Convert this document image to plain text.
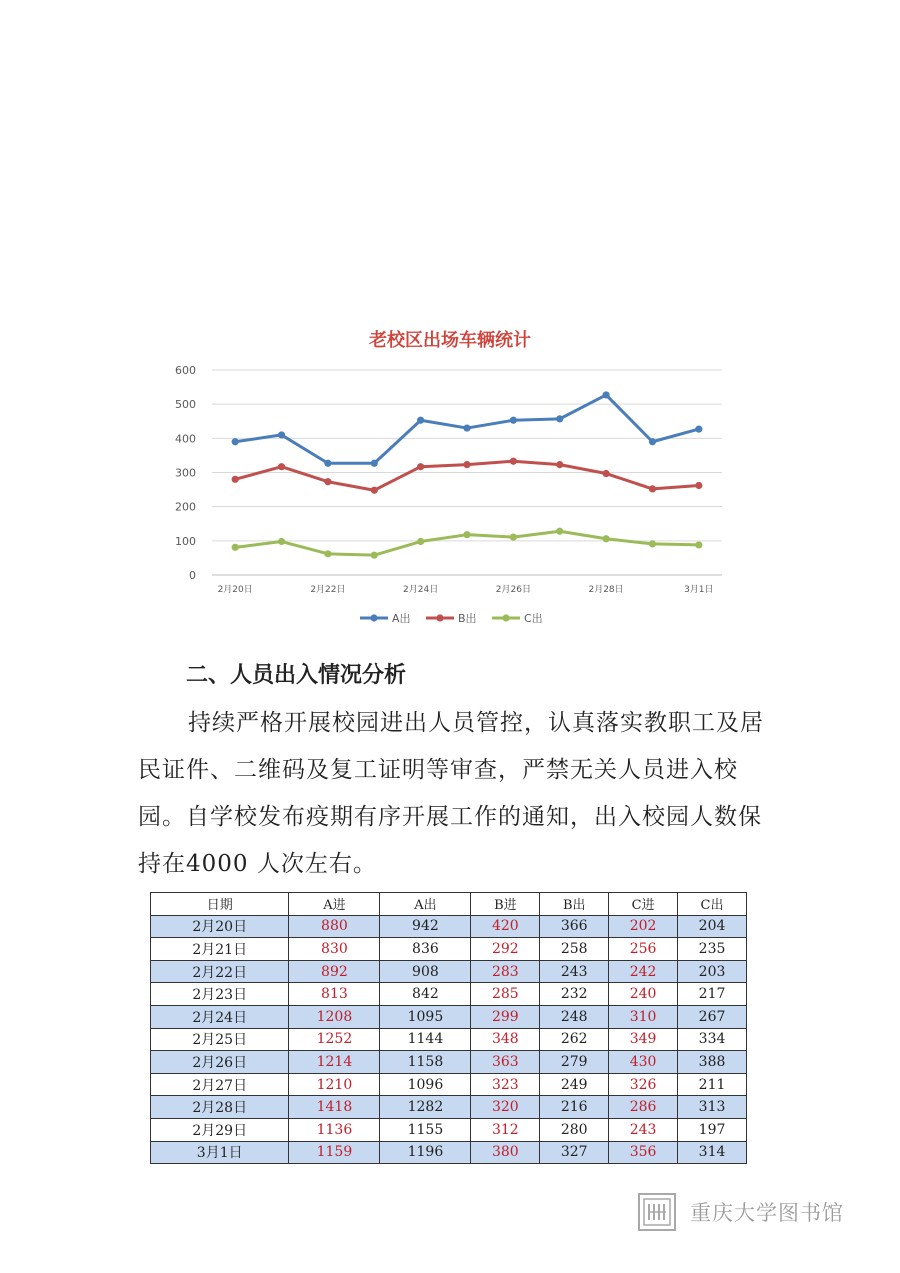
老校区出场车辆统计
0
100
200
300
400
500
600
2月20日	2月22日	2月24日	2月26日	2月28日	3月1日
A出	B出	C出
二、人员出入情况分析
持续严格开展校园进出人员管控，认真落实教职工及居民证件、二维码及复工证明等审查，严禁无关人员进入校园。自学校发布疫期有序开展工作的通知，出入校园人数保持在4000 人次左右。
日期	A进	A出	B进	B出	C进	C出
2月20日	880	942	420	366	202	204
2月21日	830	836	292	258	256	235
2月22日	892	908	283	243	242	203
2月23日	813	842	285	232	240	217
2月24日	1208	1095	299	248	310	267
2月25日	1252	1144	348	262	349	334
2月26日	1214	1158	363	279	430	388
2月27日	1210	1096	323	249	326	211
2月28日	1418	1282	320	216	286	313
2月29日	1136	1155	312	280	243	197
3月1日	1159	1196	380	327	356	314
重庆大学图书馆
